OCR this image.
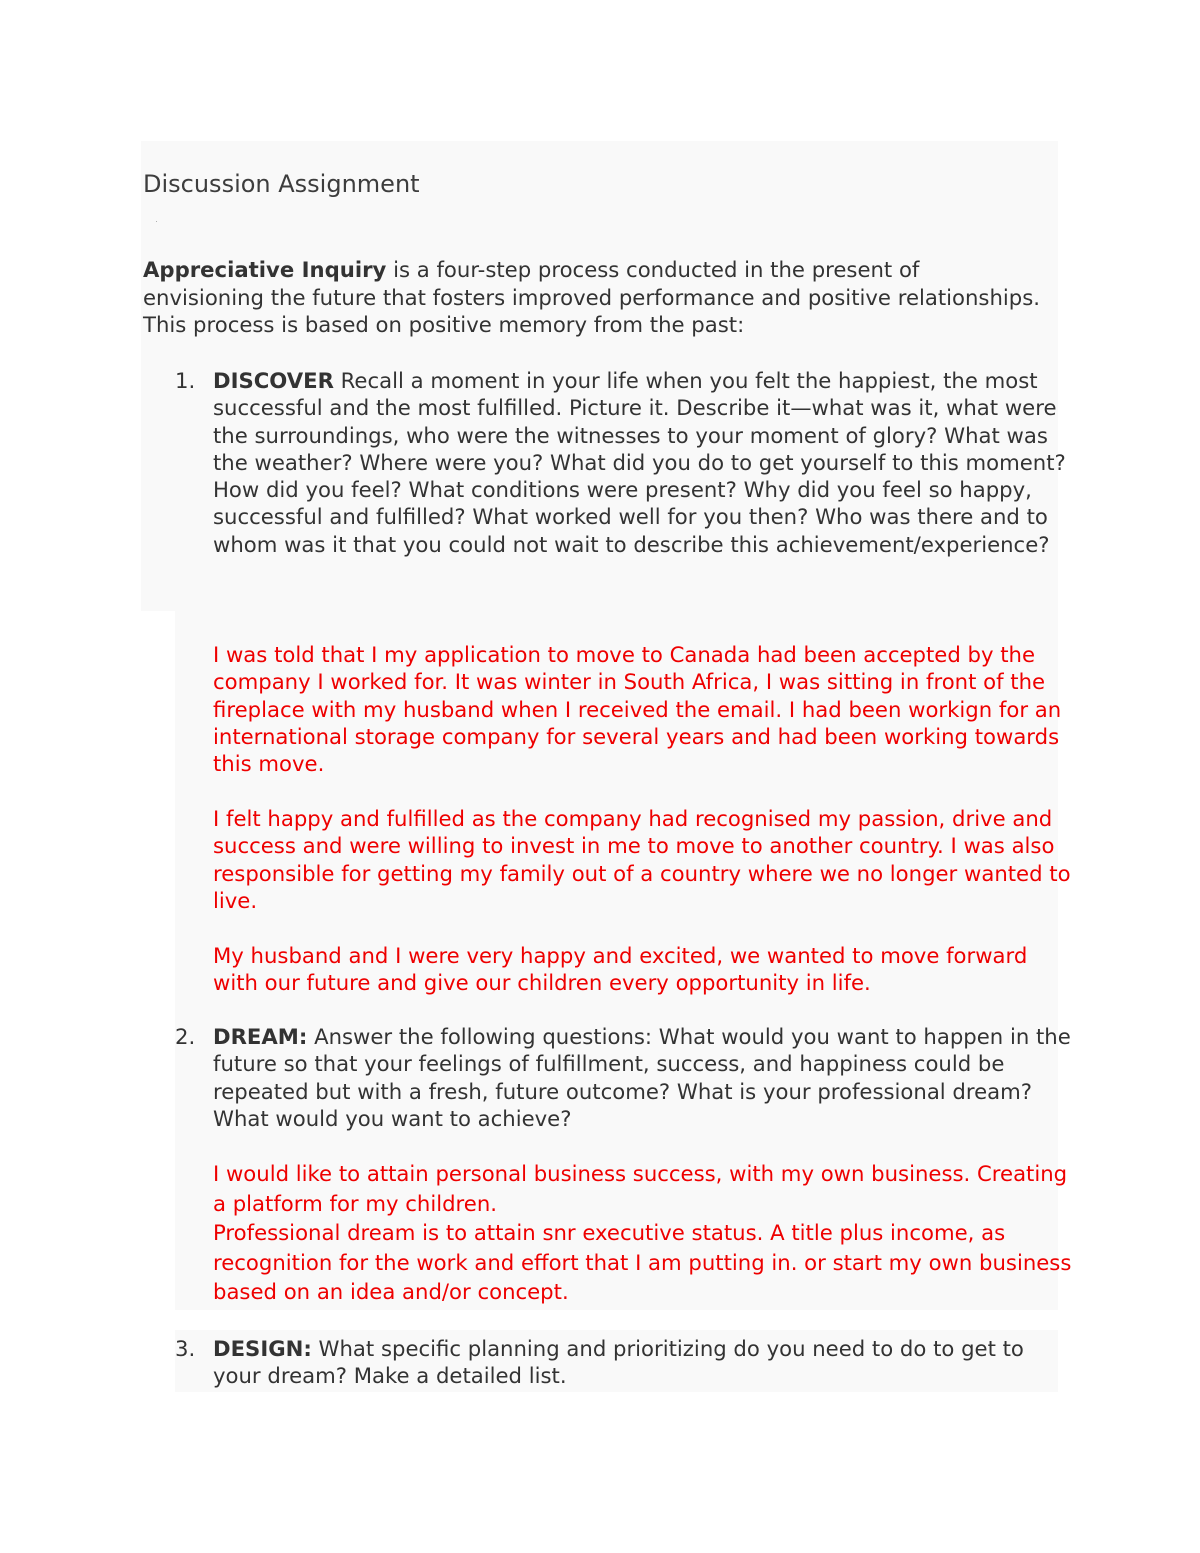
Discussion Assignment

Appreciative Inquiry is a four-step process conducted in the present of envisioning the future that fosters improved performance and positive relationships. This process is based on positive memory from the past:

1. DISCOVER Recall a moment in your life when you felt the happiest, the most successful and the most fulfilled. Picture it. Describe it—what was it, what were the surroundings, who were the witnesses to your moment of glory? What was the weather? Where were you? What did you do to get yourself to this moment? How did you feel? What conditions were present? Why did you feel so happy, successful and fulfilled? What worked well for you then? Who was there and to whom was it that you could not wait to describe this achievement/experience?

I was told that I my application to move to Canada had been accepted by the company I worked for. It was winter in South Africa, I was sitting in front of the fireplace with my husband when I received the email. I had been workign for an international storage company for several years and had been working towards this move.

I felt happy and fulfilled as the company had recognised my passion, drive and success and were willing to invest in me to move to another country. I was also responsible for getting my family out of a country where we no longer wanted to live.

My husband and I were very happy and excited, we wanted to move forward with our future and give our children every opportunity in life.

2. DREAM: Answer the following questions: What would you want to happen in the future so that your feelings of fulfillment, success, and happiness could be repeated but with a fresh, future outcome? What is your professional dream? What would you want to achieve?

I would like to attain personal business success, with my own business. Creating a platform for my children.

Professional dream is to attain snr executive status. A title plus income, as recognition for the work and effort that I am putting in. or start my own business based on an idea and/or concept.

3. DESIGN: What specific planning and prioritizing do you need to do to get to your dream? Make a detailed list.
